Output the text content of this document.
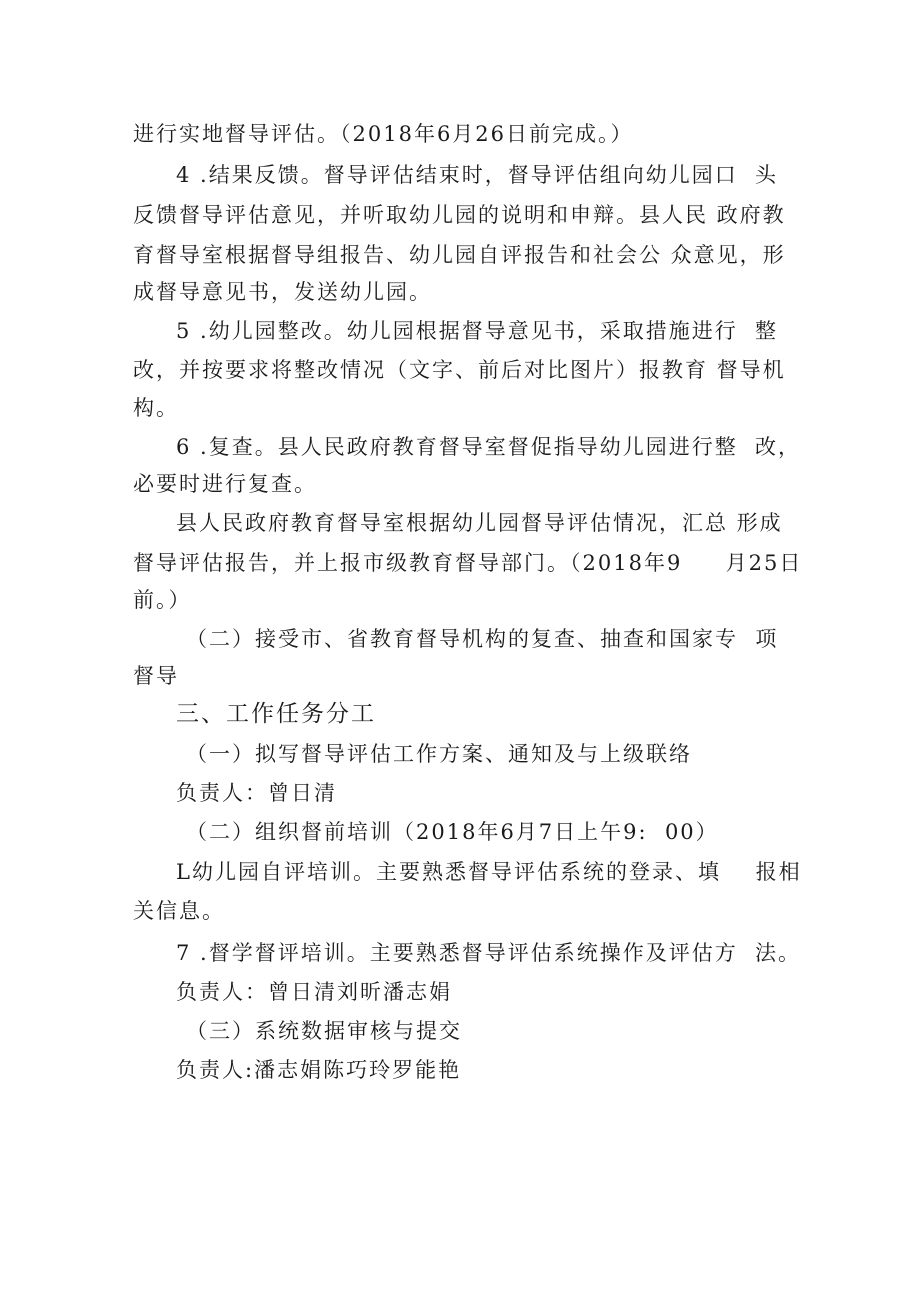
进行实地督导评估。（2018年6月26日前完成。）

4 .结果反馈。督导评估结束时，督导评估组向幼儿园口  头

反馈督导评估意见，并听取幼儿园的说明和申辩。县人民 政府教

育督导室根据督导组报告、幼儿园自评报告和社会公 众意见，形

成督导意见书，发送幼儿园。

5 .幼儿园整改。幼儿园根据督导意见书，采取措施进行  整

改，并按要求将整改情况（文字、前后对比图片）报教育 督导机

构。

6 .复查。县人民政府教育督导室督促指导幼儿园进行整  改，

必要时进行复查。

县人民政府教育督导室根据幼儿园督导评估情况，汇总 形成

督导评估报告，并上报市级教育督导部门。（2018年9     月25日

前。）

（二）接受市、省教育督导机构的复查、抽查和国家专  项

督导

三、工作任务分工

（一）拟写督导评估工作方案、通知及与上级联络

负责人：曾日清

（二）组织督前培训（2018年6月7日上午9:  00）

L幼儿园自评培训。主要熟悉督导评估系统的登录、填    报相

关信息。

7 .督学督评培训。主要熟悉督导评估系统操作及评估方  法。

负责人：曾日清刘昕潘志娟

（三）系统数据审核与提交

负责人:潘志娟陈巧玲罗能艳
